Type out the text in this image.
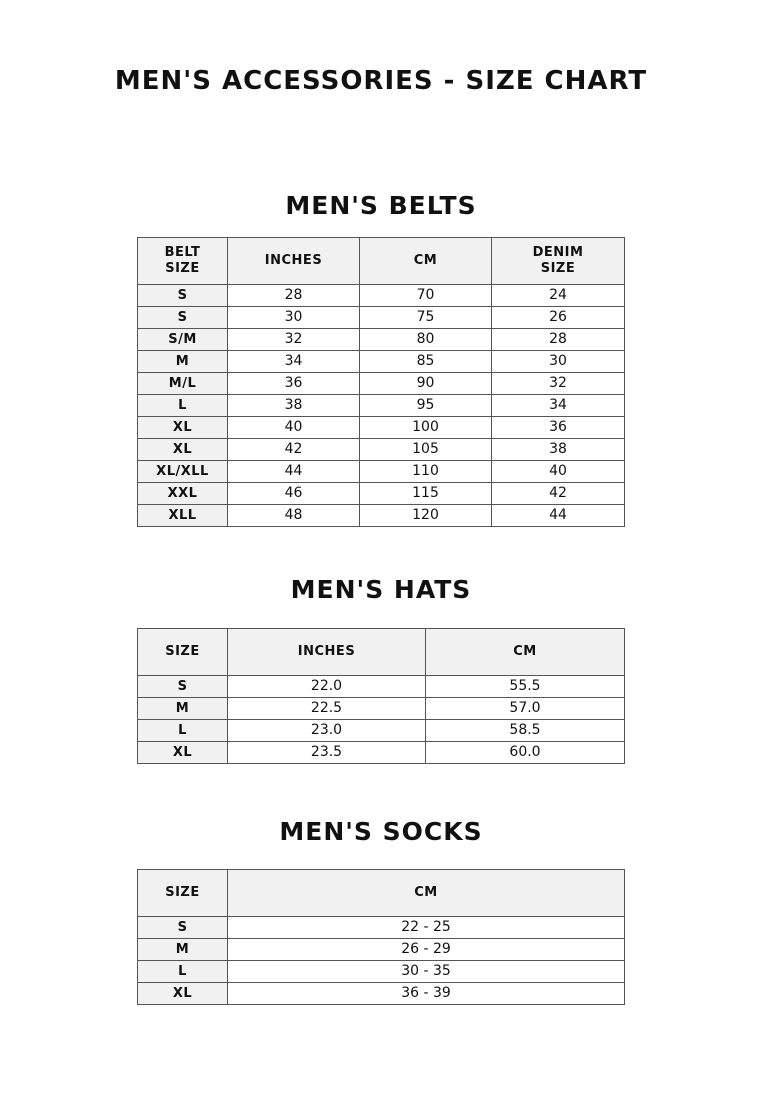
MEN'S ACCESSORIES - SIZE CHART
MEN'S BELTS
BELT SIZE	INCHES	CM	DENIM SIZE
S	28	70	24
S	30	75	26
S/M	32	80	28
M	34	85	30
M/L	36	90	32
L	38	95	34
XL	40	100	36
XL	42	105	38
XL/XLL	44	110	40
XXL	46	115	42
XLL	48	120	44
MEN'S HATS
SIZE	INCHES	CM
S	22.0	55.5
M	22.5	57.0
L	23.0	58.5
XL	23.5	60.0
MEN'S SOCKS
SIZE	CM
S	22 - 25
M	26 - 29
L	30 - 35
XL	36 - 39
